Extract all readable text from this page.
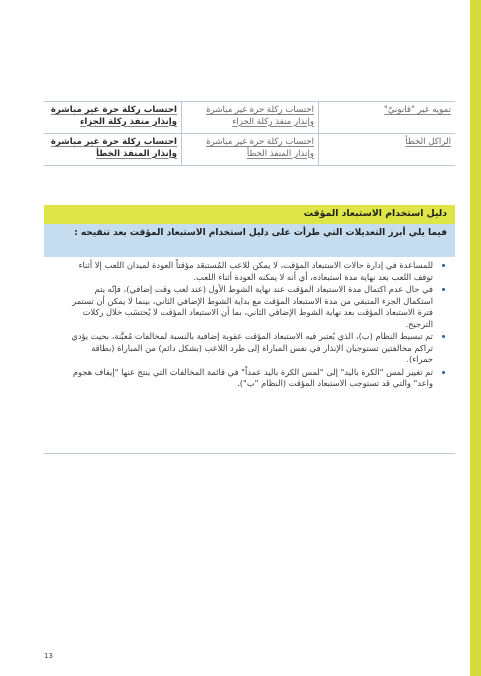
تمويه غير "قانونيّ"	احتساب ركلة حرة غير مباشرة وإنذار منفذ ركلة الجزاء	احتساب ركلة حرة غير مباشرة وإنذار منفذ ركلة الجزاء
الراكل الخطأ	احتساب ركلة حرة غير مباشرة وإنذار المنفذ الخطأ	احتساب ركلة حرة غير مباشرة وإنذار المنفذ الخطأ
دليل استخدام الاستبعاد المؤقت
فيما يلي أبرز التعديلات التي طرأت على دليل استخدام الاستبعاد المؤقت بعد تنقيحه :
• للمساعدة في إدارة حالات الاستبعاد المؤقت، لا يمكن للاعب المُستبعَد مؤقتاً العودة لميدان اللعب إلا أثناء توقف اللعب بعد نهاية مدة استبعاده، أي أنه لا يمكنه العودة أثناء اللعب.
• في حال عدم اكتمال مدة الاستبعاد المؤقت عند نهاية الشوط الأول (عند لعب وقت إضافي)، فإنّه يتم استكمال الجزء المتبقي من مدة الاستبعاد المؤقت مع بداية الشوط الإضافي الثاني، بينما لا يمكن أن تستمر فترة الاستبعاد المؤقت بعد نهاية الشوط الإضافي الثاني، بما أن الاستبعاد المؤقت لا يُحتسَب خلال ركلات الترجيح.
• تم تبسيط النظام (ب)، الذي يُعتبر فيه الاستبعاد المؤقت عقوبة إضافية بالنسبة لمخالفات مُعيَّنة، بحيث يؤدي تراكم مخالفتين تستوجبان الإنذار في نفس المباراة إلى طرد اللاعب (بشكل دائم) من المباراة (بطاقة حمراء).
• تم تغيير لمس "الكرة باليد" إلى "لمس الكرة باليد عمداً" في قائمة المخالفات التي ينتج عنها "إيقاف هجوم واعد" والتي قد تستوجب الاستبعاد المؤقت (النظام "ب").
13
